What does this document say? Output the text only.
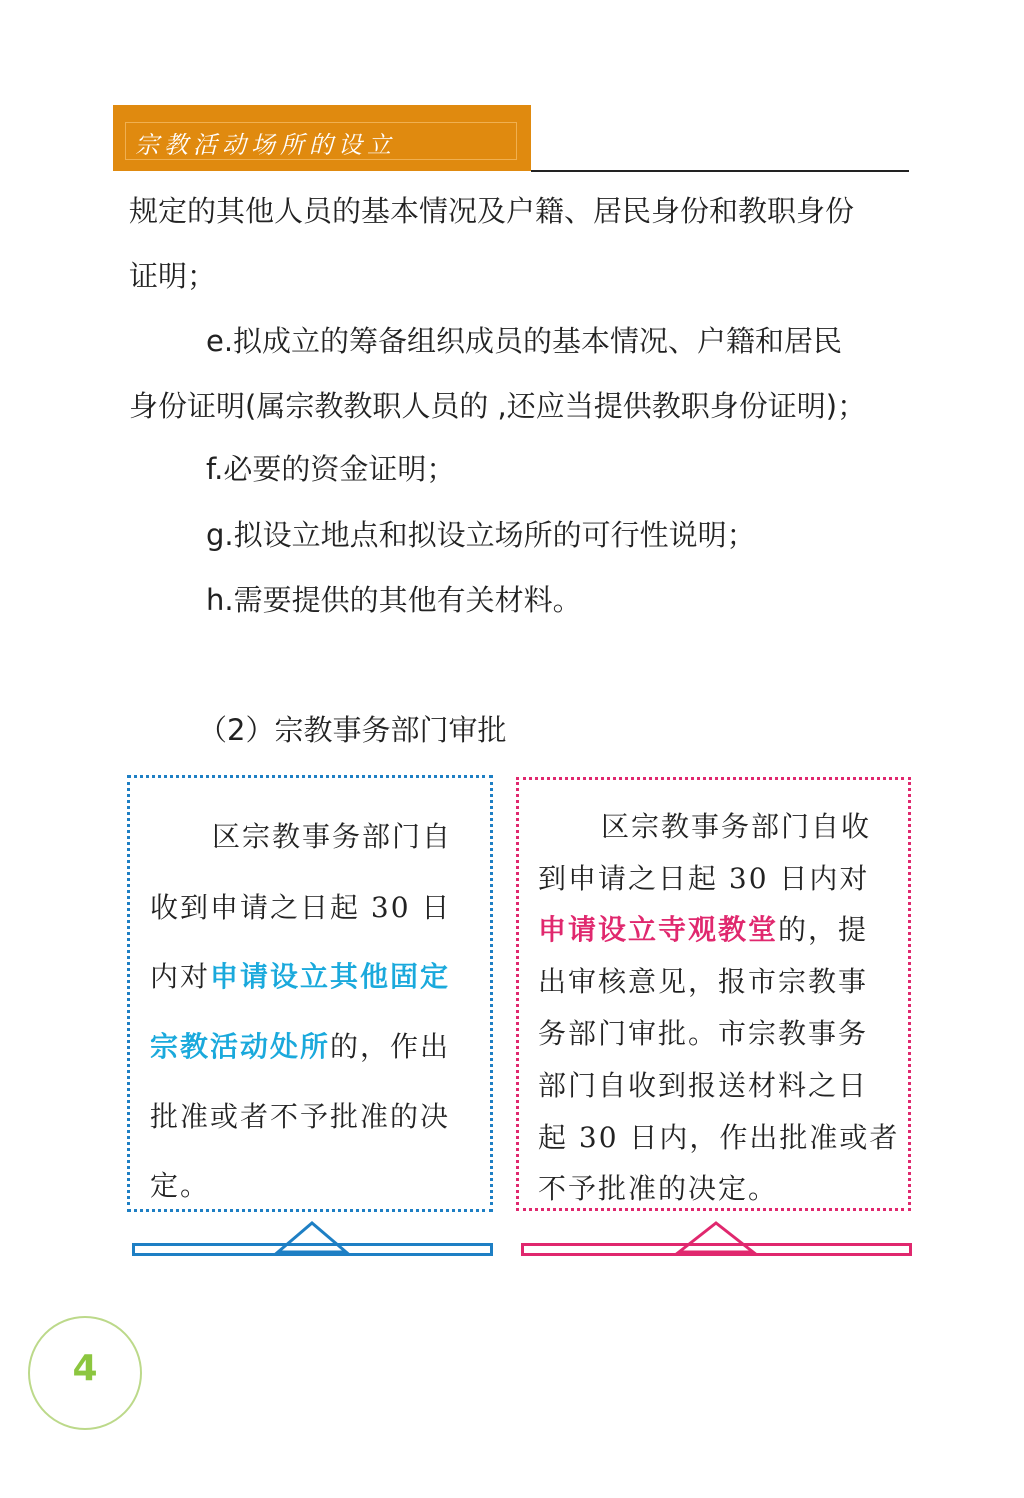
宗教活动场所的设立
规定的其他人员的基本情况及户籍、居民身份和教职身份
证明；
e.拟成立的筹备组织成员的基本情况、户籍和居民
身份证明(属宗教教职人员的 ,还应当提供教职身份证明)；
f.必要的资金证明；
g.拟设立地点和拟设立场所的可行性说明；
h.需要提供的其他有关材料。
（2）宗教事务部门审批
区宗教事务部门自
收到申请之日起 30 日
内对申请设立其他固定
宗教活动处所的，作出
批准或者不予批准的决
定。
区宗教事务部门自收
到申请之日起 30 日内对
申请设立寺观教堂的，提
出审核意见，报市宗教事
务部门审批。市宗教事务
部门自收到报送材料之日
起 30 日内，作出批准或者
不予批准的决定。
4
